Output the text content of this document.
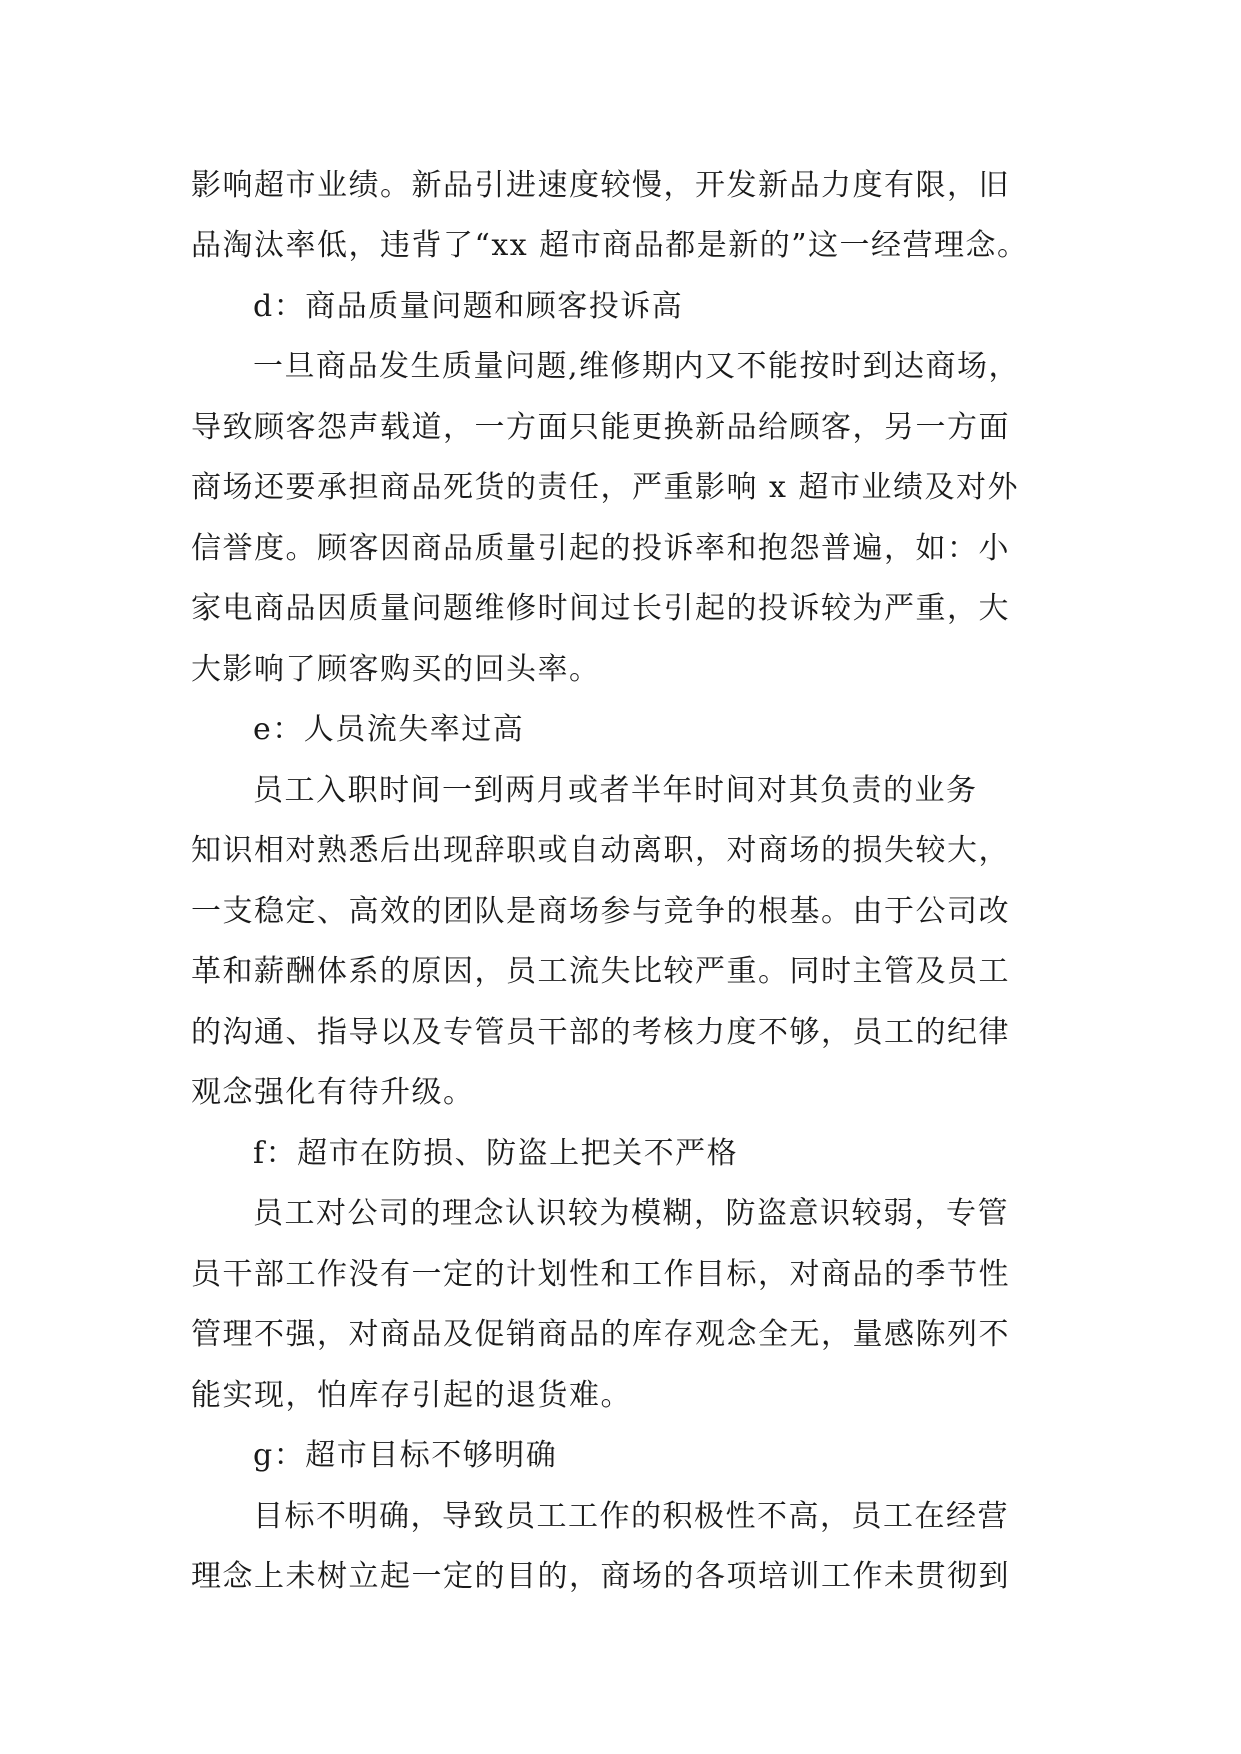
影响超市业绩。新品引进速度较慢，开发新品力度有限，旧
品淘汰率低，违背了“xx 超市商品都是新的”这一经营理念。
d：商品质量问题和顾客投诉高
一旦商品发生质量问题,维修期内又不能按时到达商场，
导致顾客怨声载道，一方面只能更换新品给顾客，另一方面
商场还要承担商品死货的责任，严重影响 x 超市业绩及对外
信誉度。顾客因商品质量引起的投诉率和抱怨普遍，如：小
家电商品因质量问题维修时间过长引起的投诉较为严重，大
大影响了顾客购买的回头率。
e：人员流失率过高
员工入职时间一到两月或者半年时间对其负责的业务
知识相对熟悉后出现辞职或自动离职，对商场的损失较大，
一支稳定、高效的团队是商场参与竞争的根基。由于公司改
革和薪酬体系的原因，员工流失比较严重。同时主管及员工
的沟通、指导以及专管员干部的考核力度不够，员工的纪律
观念强化有待升级。
f：超市在防损、防盗上把关不严格
员工对公司的理念认识较为模糊，防盗意识较弱，专管
员干部工作没有一定的计划性和工作目标，对商品的季节性
管理不强，对商品及促销商品的库存观念全无，量感陈列不
能实现，怕库存引起的退货难。
g：超市目标不够明确
目标不明确，导致员工工作的积极性不高，员工在经营
理念上未树立起一定的目的，商场的各项培训工作未贯彻到
